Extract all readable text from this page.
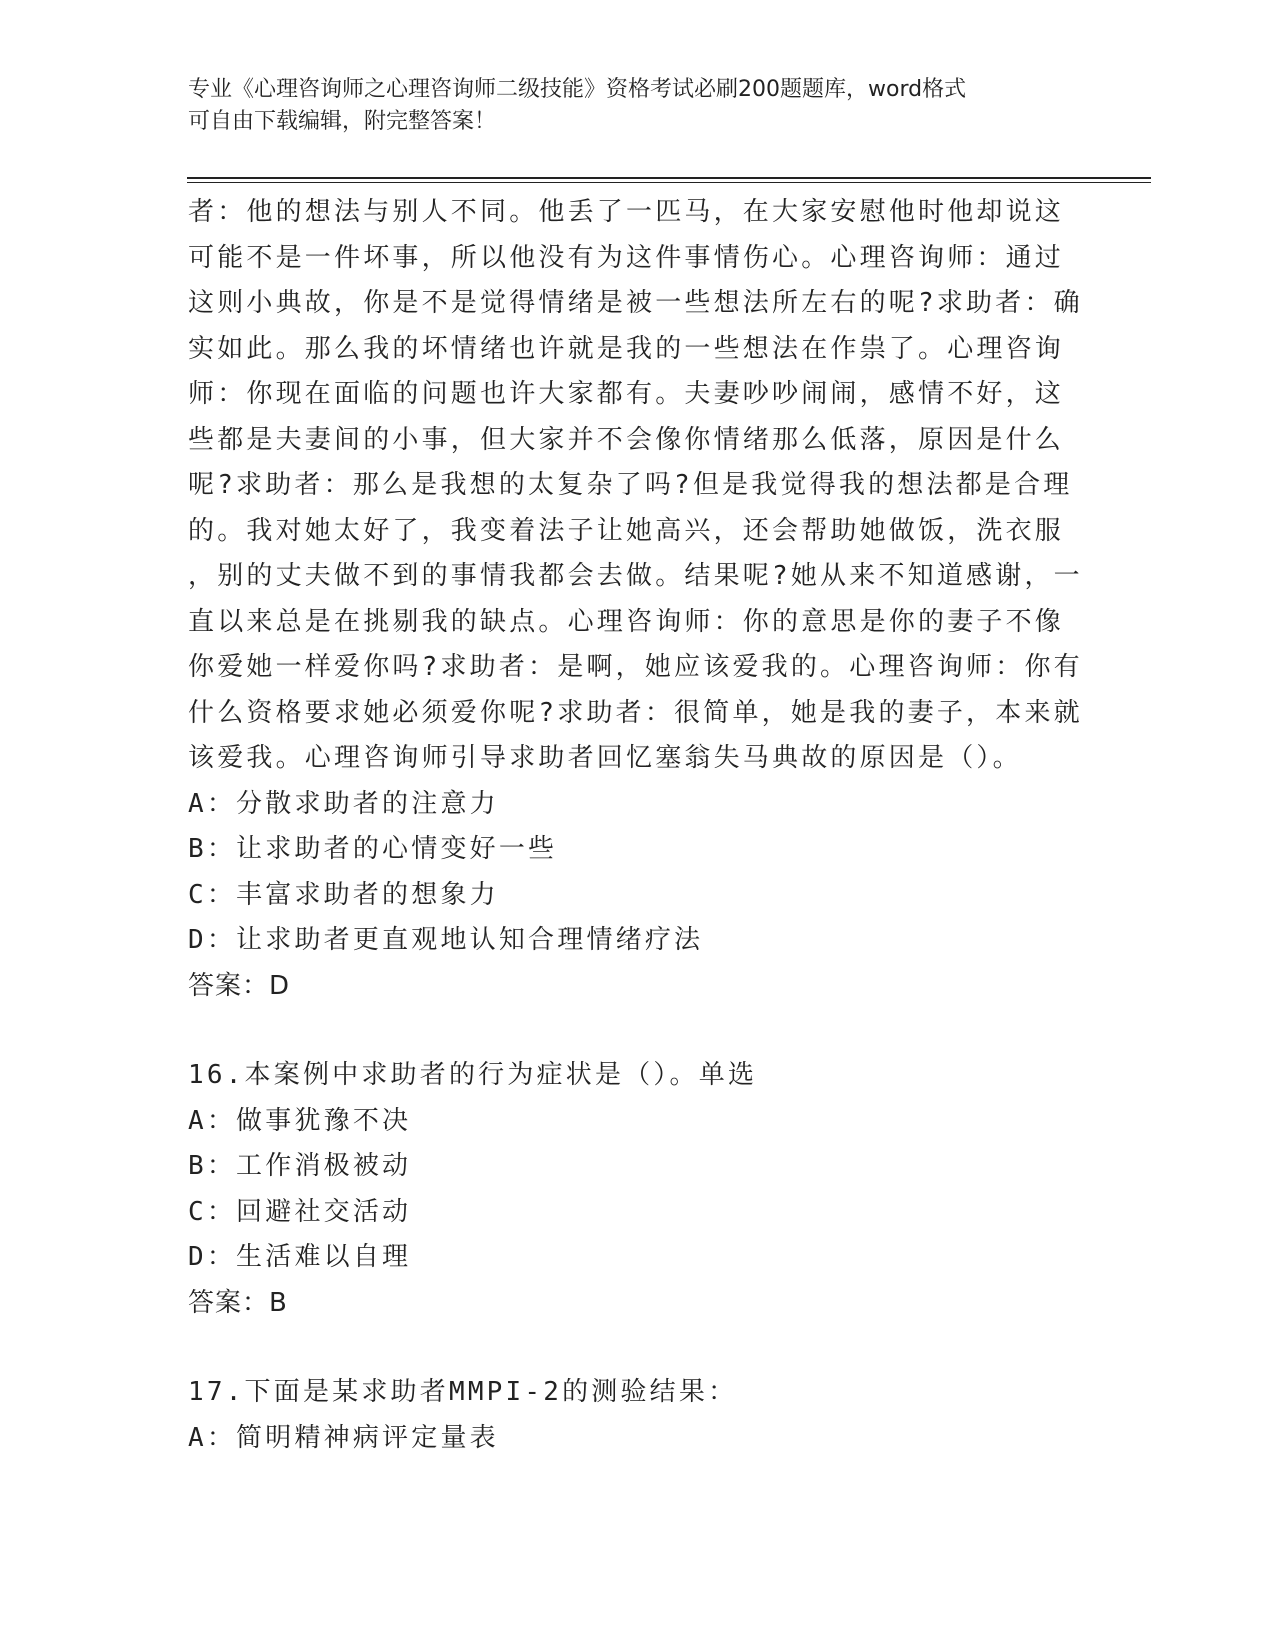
专业《心理咨询师之心理咨询师二级技能》资格考试必刷200题题库，word格式
可自由下载编辑，附完整答案！
者：他的想法与别人不同。他丢了一匹马，在大家安慰他时他却说这
可能不是一件坏事，所以他没有为这件事情伤心。心理咨询师：通过
这则小典故，你是不是觉得情绪是被一些想法所左右的呢?求助者：确
实如此。那么我的坏情绪也许就是我的一些想法在作祟了。心理咨询
师：你现在面临的问题也许大家都有。夫妻吵吵闹闹，感情不好，这
些都是夫妻间的小事，但大家并不会像你情绪那么低落，原因是什么
呢?求助者：那么是我想的太复杂了吗?但是我觉得我的想法都是合理
的。我对她太好了，我变着法子让她高兴，还会帮助她做饭，洗衣服
，别的丈夫做不到的事情我都会去做。结果呢?她从来不知道感谢，一
直以来总是在挑剔我的缺点。心理咨询师：你的意思是你的妻子不像
你爱她一样爱你吗?求助者：是啊，她应该爱我的。心理咨询师：你有
什么资格要求她必须爱你呢?求助者：很简单，她是我的妻子，本来就
该爱我。心理咨询师引导求助者回忆塞翁失马典故的原因是（）。
A：分散求助者的注意力
B：让求助者的心情变好一些
C：丰富求助者的想象力
D：让求助者更直观地认知合理情绪疗法
答案：D
16.本案例中求助者的行为症状是（）。单选
A：做事犹豫不决
B：工作消极被动
C：回避社交活动
D：生活难以自理
答案：B
17.下面是某求助者MMPI-2的测验结果：
A：简明精神病评定量表
